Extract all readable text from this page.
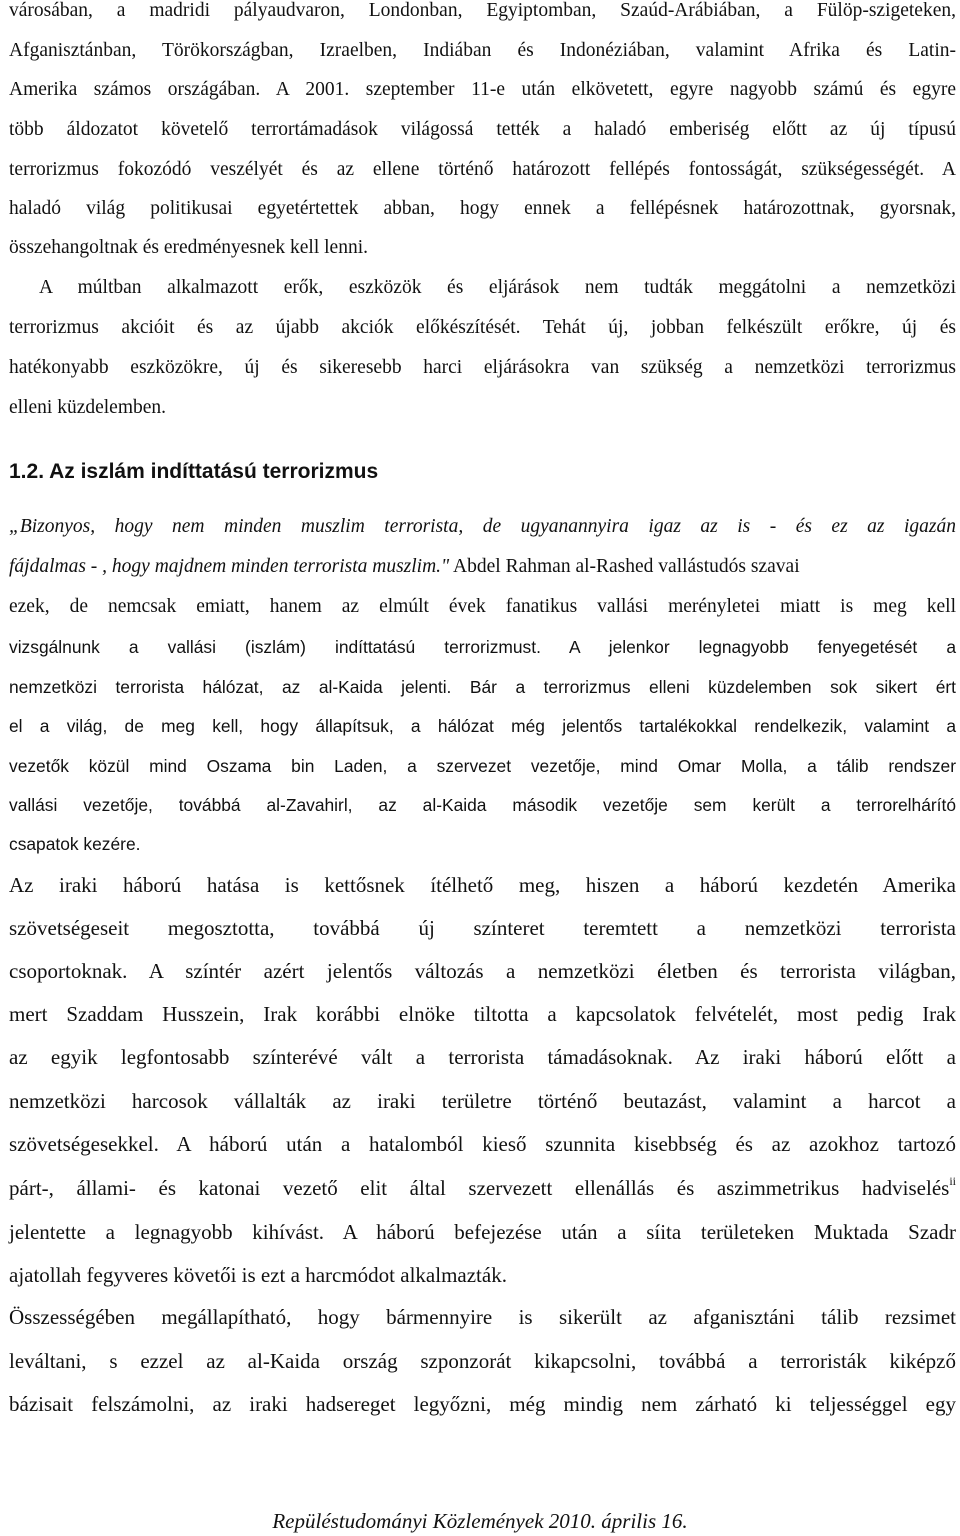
városában, a madridi pályaudvaron, Londonban, Egyiptomban, Szaúd-Arábiában, a Fülöp-szigeteken,
Afganisztánban, Törökországban, Izraelben, Indiában és Indonéziában, valamint Afrika és Latin-
Amerika számos országában. A 2001. szeptember 11-e után elkövetett, egyre nagyobb számú és egyre
több áldozatot követelő terrortámadások világossá tették a haladó emberiség előtt az új típusú
terrorizmus fokozódó veszélyét és az ellene történő határozott fellépés fontosságát, szükségességét. A
haladó világ politikusai egyetértettek abban, hogy ennek a fellépésnek határozottnak, gyorsnak,
összehangoltnak és eredményesnek kell lenni.
A múltban alkalmazott erők, eszközök és eljárások nem tudták meggátolni a nemzetközi
terrorizmus akcióit és az újabb akciók előkészítését. Tehát új, jobban felkészült erőkre, új és
hatékonyabb eszközökre, új és sikeresebb harci eljárásokra van szükség a nemzetközi terrorizmus
elleni küzdelemben.
1.2. Az iszlám indíttatású terrorizmus
„Bizonyos, hogy nem minden muszlim terrorista, de ugyanannyira igaz az is - és ez az igazán
fájdalmas - , hogy majdnem minden terrorista muszlim." Abdel Rahman al-Rashed vallástudós szavai
ezek, de nemcsak emiatt, hanem az elmúlt évek fanatikus vallási merényletei miatt is meg kell
vizsgálnunk a vallási (iszlám) indíttatású terrorizmust. A jelenkor legnagyobb fenyegetését a
nemzetközi terrorista hálózat, az al-Kaida jelenti. Bár a terrorizmus elleni küzdelemben sok sikert ért
el a világ, de meg kell, hogy állapítsuk, a hálózat még jelentős tartalékokkal rendelkezik, valamint a
vezetők közül mind Oszama bin Laden, a szervezet vezetője, mind Omar Molla, a tálib rendszer
vallási vezetője, továbbá al-Zavahirl, az al-Kaida második vezetője sem került a terrorelhárító
csapatok kezére.
Az iraki háború hatása is kettősnek ítélhető meg, hiszen a háború kezdetén Amerika
szövetségeseit megosztotta, továbbá új színteret teremtett a nemzetközi terrorista
csoportoknak. A színtér azért jelentős változás a nemzetközi életben és terrorista világban,
mert Szaddam Husszein, Irak korábbi elnöke tiltotta a kapcsolatok felvételét, most pedig Irak
az egyik legfontosabb színterévé vált a terrorista támadásoknak. Az iraki háború előtt a
nemzetközi harcosok vállalták az iraki területre történő beutazást, valamint a harcot a
szövetségesekkel. A háború után a hatalomból kieső szunnita kisebbség és az azokhoz tartozó
párt-, állami- és katonai vezető elit által szervezett ellenállás és aszimmetrikus hadviselés$^{ii}$
jelentette a legnagyobb kihívást. A háború befejezése után a síita területeken Muktada Szadr
ajatollah fegyveres követői is ezt a harcmódot alkalmazták.
Összességében megállapítható, hogy bármennyire is sikerült az afganisztáni tálib rezsimet
leváltani, s ezzel az al-Kaida ország szponzorát kikapcsolni, továbbá a terroristák kiképző
bázisait felszámolni, az iraki hadsereget legyőzni, még mindig nem zárható ki teljességgel egy
Repüléstudományi Közlemények 2010. április 16.
